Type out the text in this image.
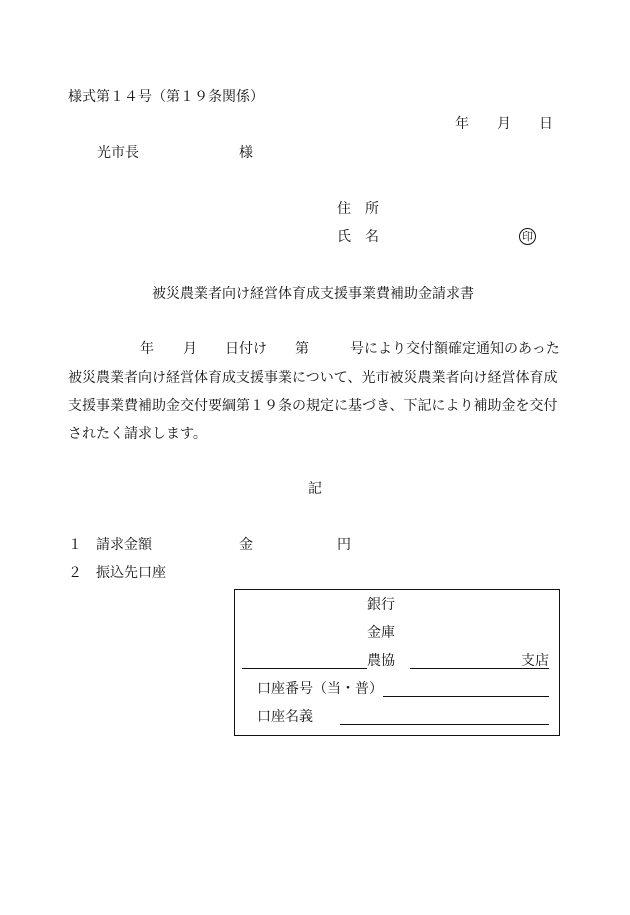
様式第１４号（第１９条関係）
年 月 日
光市長	様
住　所
氏　名	印
被災農業者向け経営体育成支援事業費補助金請求書
年 月 日付け 第	号により交付額確定通知のあった
被災農業者向け経営体育成支援事業について、光市被災農業者向け経営体育成
支援事業費補助金交付要綱第１９条の規定に基づき、下記により補助金を交付
されたく請求します。
記
１ 請求金額	金	円
２ 振込先口座
銀行
金庫
農協	支店
口座番号（当・普）
口座名義
